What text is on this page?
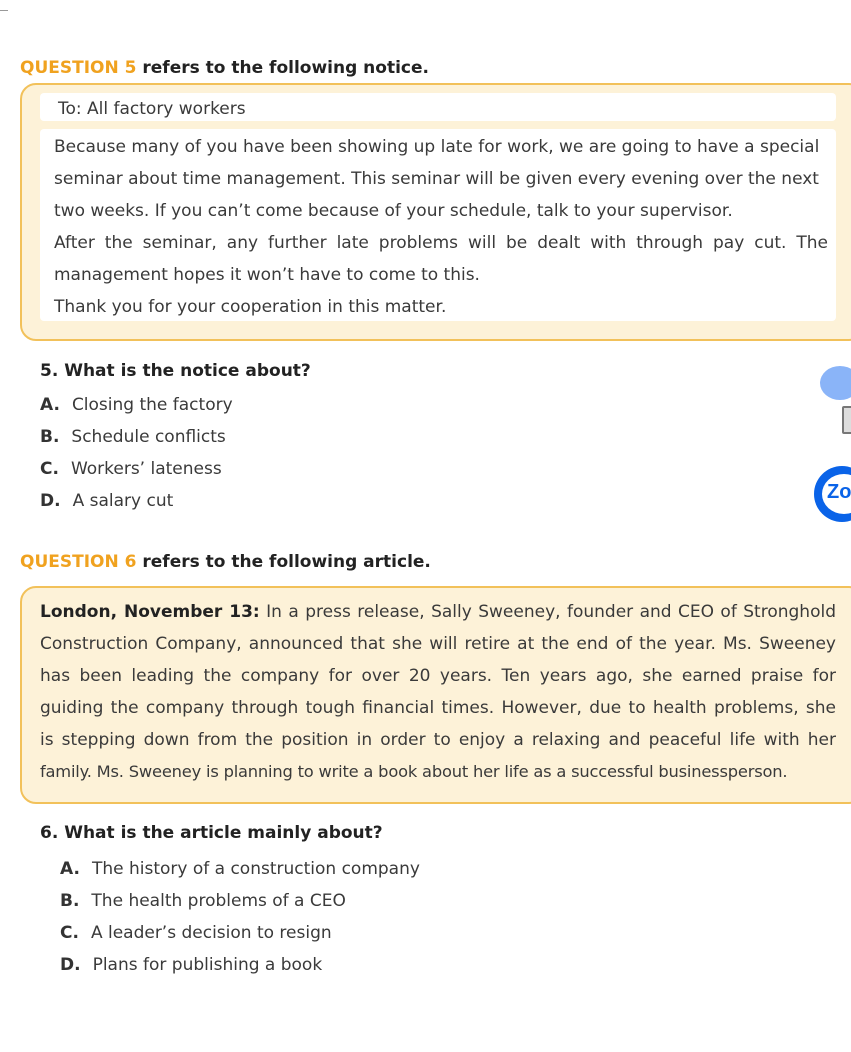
QUESTION 5 refers to the following notice.
To: All factory workers
Because many of you have been showing up late for work, we are going to have a special
seminar about time management. This seminar will be given every evening over the next
two weeks. If you can’t come because of your schedule, talk to your supervisor.
After the seminar, any further late problems will be dealt with through pay cut. The
management hopes it won’t have to come to this.
Thank you for your cooperation in this matter.
5. What is the notice about?
A. Closing the factory
B. Schedule conflicts
C. Workers’ lateness
D. A salary cut	Zo
QUESTION 6 refers to the following article.
London, November 13: In a press release, Sally Sweeney, founder and CEO of Stronghold
Construction Company, announced that she will retire at the end of the year. Ms. Sweeney
has been leading the company for over 20 years. Ten years ago, she earned praise for
guiding the company through tough financial times. However, due to health problems, she
is stepping down from the position in order to enjoy a relaxing and peaceful life with her
family. Ms. Sweeney is planning to write a book about her life as a successful businessperson.
6. What is the article mainly about?
A. The history of a construction company
B. The health problems of a CEO
C. A leader’s decision to resign
D. Plans for publishing a book
